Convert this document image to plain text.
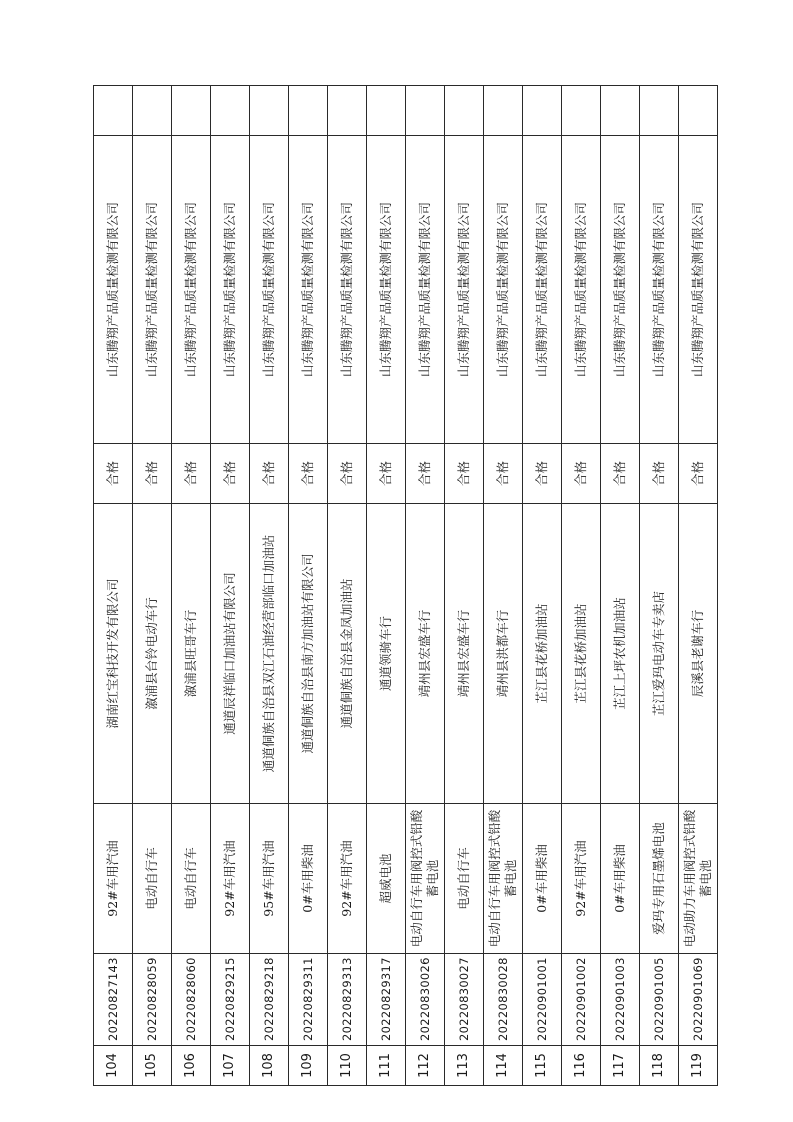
104	20220827143	92#车用汽油	湖南红宝科技开发有限公司	合格	山东腾翔产品质量检测有限公司	
105	20220828059	电动自行车	溆浦县台铃电动车行	合格	山东腾翔产品质量检测有限公司	
106	20220828060	电动自行车	溆浦县旺哥车行	合格	山东腾翔产品质量检测有限公司	
107	20220829215	92#车用汽油	通道辰祥临口加油站有限公司	合格	山东腾翔产品质量检测有限公司	
108	20220829218	95#车用汽油	通道侗族自治县双江石油经营部临口加油站	合格	山东腾翔产品质量检测有限公司	
109	20220829311	0#车用柴油	通道侗族自治县南方加油站有限公司	合格	山东腾翔产品质量检测有限公司	
110	20220829313	92#车用汽油	通道侗族自治县金凤加油站	合格	山东腾翔产品质量检测有限公司	
111	20220829317	超威电池	通道领骑车行	合格	山东腾翔产品质量检测有限公司	
112	20220830026	电动自行车用阀控式铅酸蓄电池	靖州县宏盛车行	合格	山东腾翔产品质量检测有限公司	
113	20220830027	电动自行车	靖州县宏盛车行	合格	山东腾翔产品质量检测有限公司	
114	20220830028	电动自行车用阀控式铅酸蓄电池	靖州县洪都车行	合格	山东腾翔产品质量检测有限公司	
115	20220901001	0#车用柴油	芷江县花桥加油站	合格	山东腾翔产品质量检测有限公司	
116	20220901002	92#车用汽油	芷江县花桥加油站	合格	山东腾翔产品质量检测有限公司	
117	20220901003	0#车用柴油	芷江上坪农机加油站	合格	山东腾翔产品质量检测有限公司	
118	20220901005	爱玛专用石墨烯电池	芷江爱玛电动车专卖店	合格	山东腾翔产品质量检测有限公司	
119	20220901069	电动助力车用阀控式铅酸蓄电池	辰溪县老谢车行	合格	山东腾翔产品质量检测有限公司	
